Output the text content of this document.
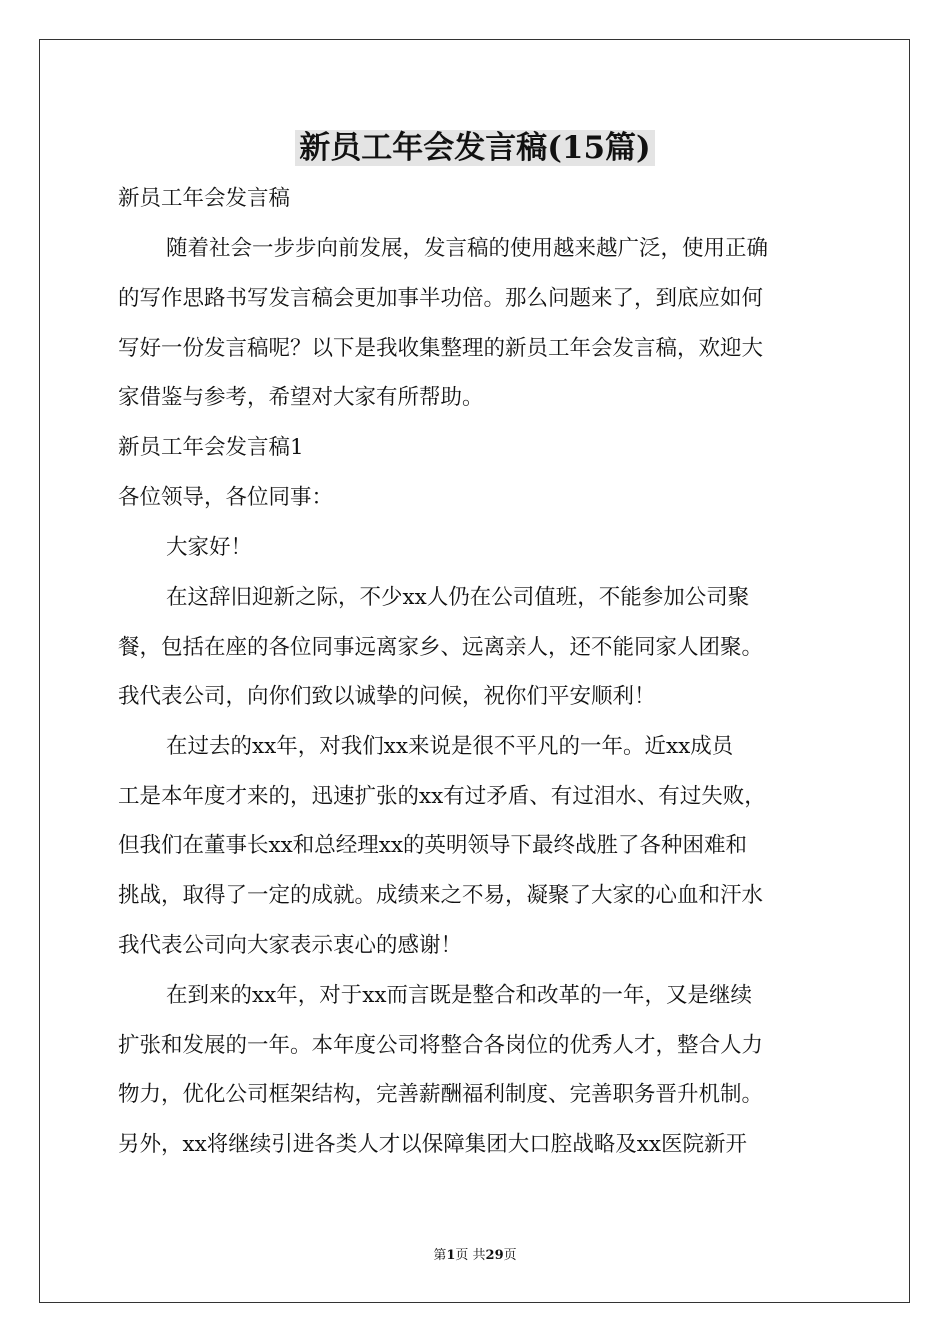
新员工年会发言稿(15篇)

新员工年会发言稿

随着社会一步步向前发展，发言稿的使用越来越广泛，使用正确

的写作思路书写发言稿会更加事半功倍。那么问题来了，到底应如何

写好一份发言稿呢？以下是我收集整理的新员工年会发言稿，欢迎大

家借鉴与参考，希望对大家有所帮助。

新员工年会发言稿1

各位领导，各位同事：

大家好！

在这辞旧迎新之际，不少xx人仍在公司值班，不能参加公司聚

餐，包括在座的各位同事远离家乡、远离亲人，还不能同家人团聚。

我代表公司，向你们致以诚挚的问候，祝你们平安顺利！

在过去的xx年，对我们xx来说是很不平凡的一年。近xx成员

工是本年度才来的，迅速扩张的xx有过矛盾、有过泪水、有过失败，

但我们在董事长xx和总经理xx的英明领导下最终战胜了各种困难和

挑战，取得了一定的成就。成绩来之不易，凝聚了大家的心血和汗水

我代表公司向大家表示衷心的感谢！

在到来的xx年，对于xx而言既是整合和改革的一年，又是继续

扩张和发展的一年。本年度公司将整合各岗位的优秀人才，整合人力

物力，优化公司框架结构，完善薪酬福利制度、完善职务晋升机制。

另外，xx将继续引进各类人才以保障集团大口腔战略及xx医院新开

第1页 共29页
